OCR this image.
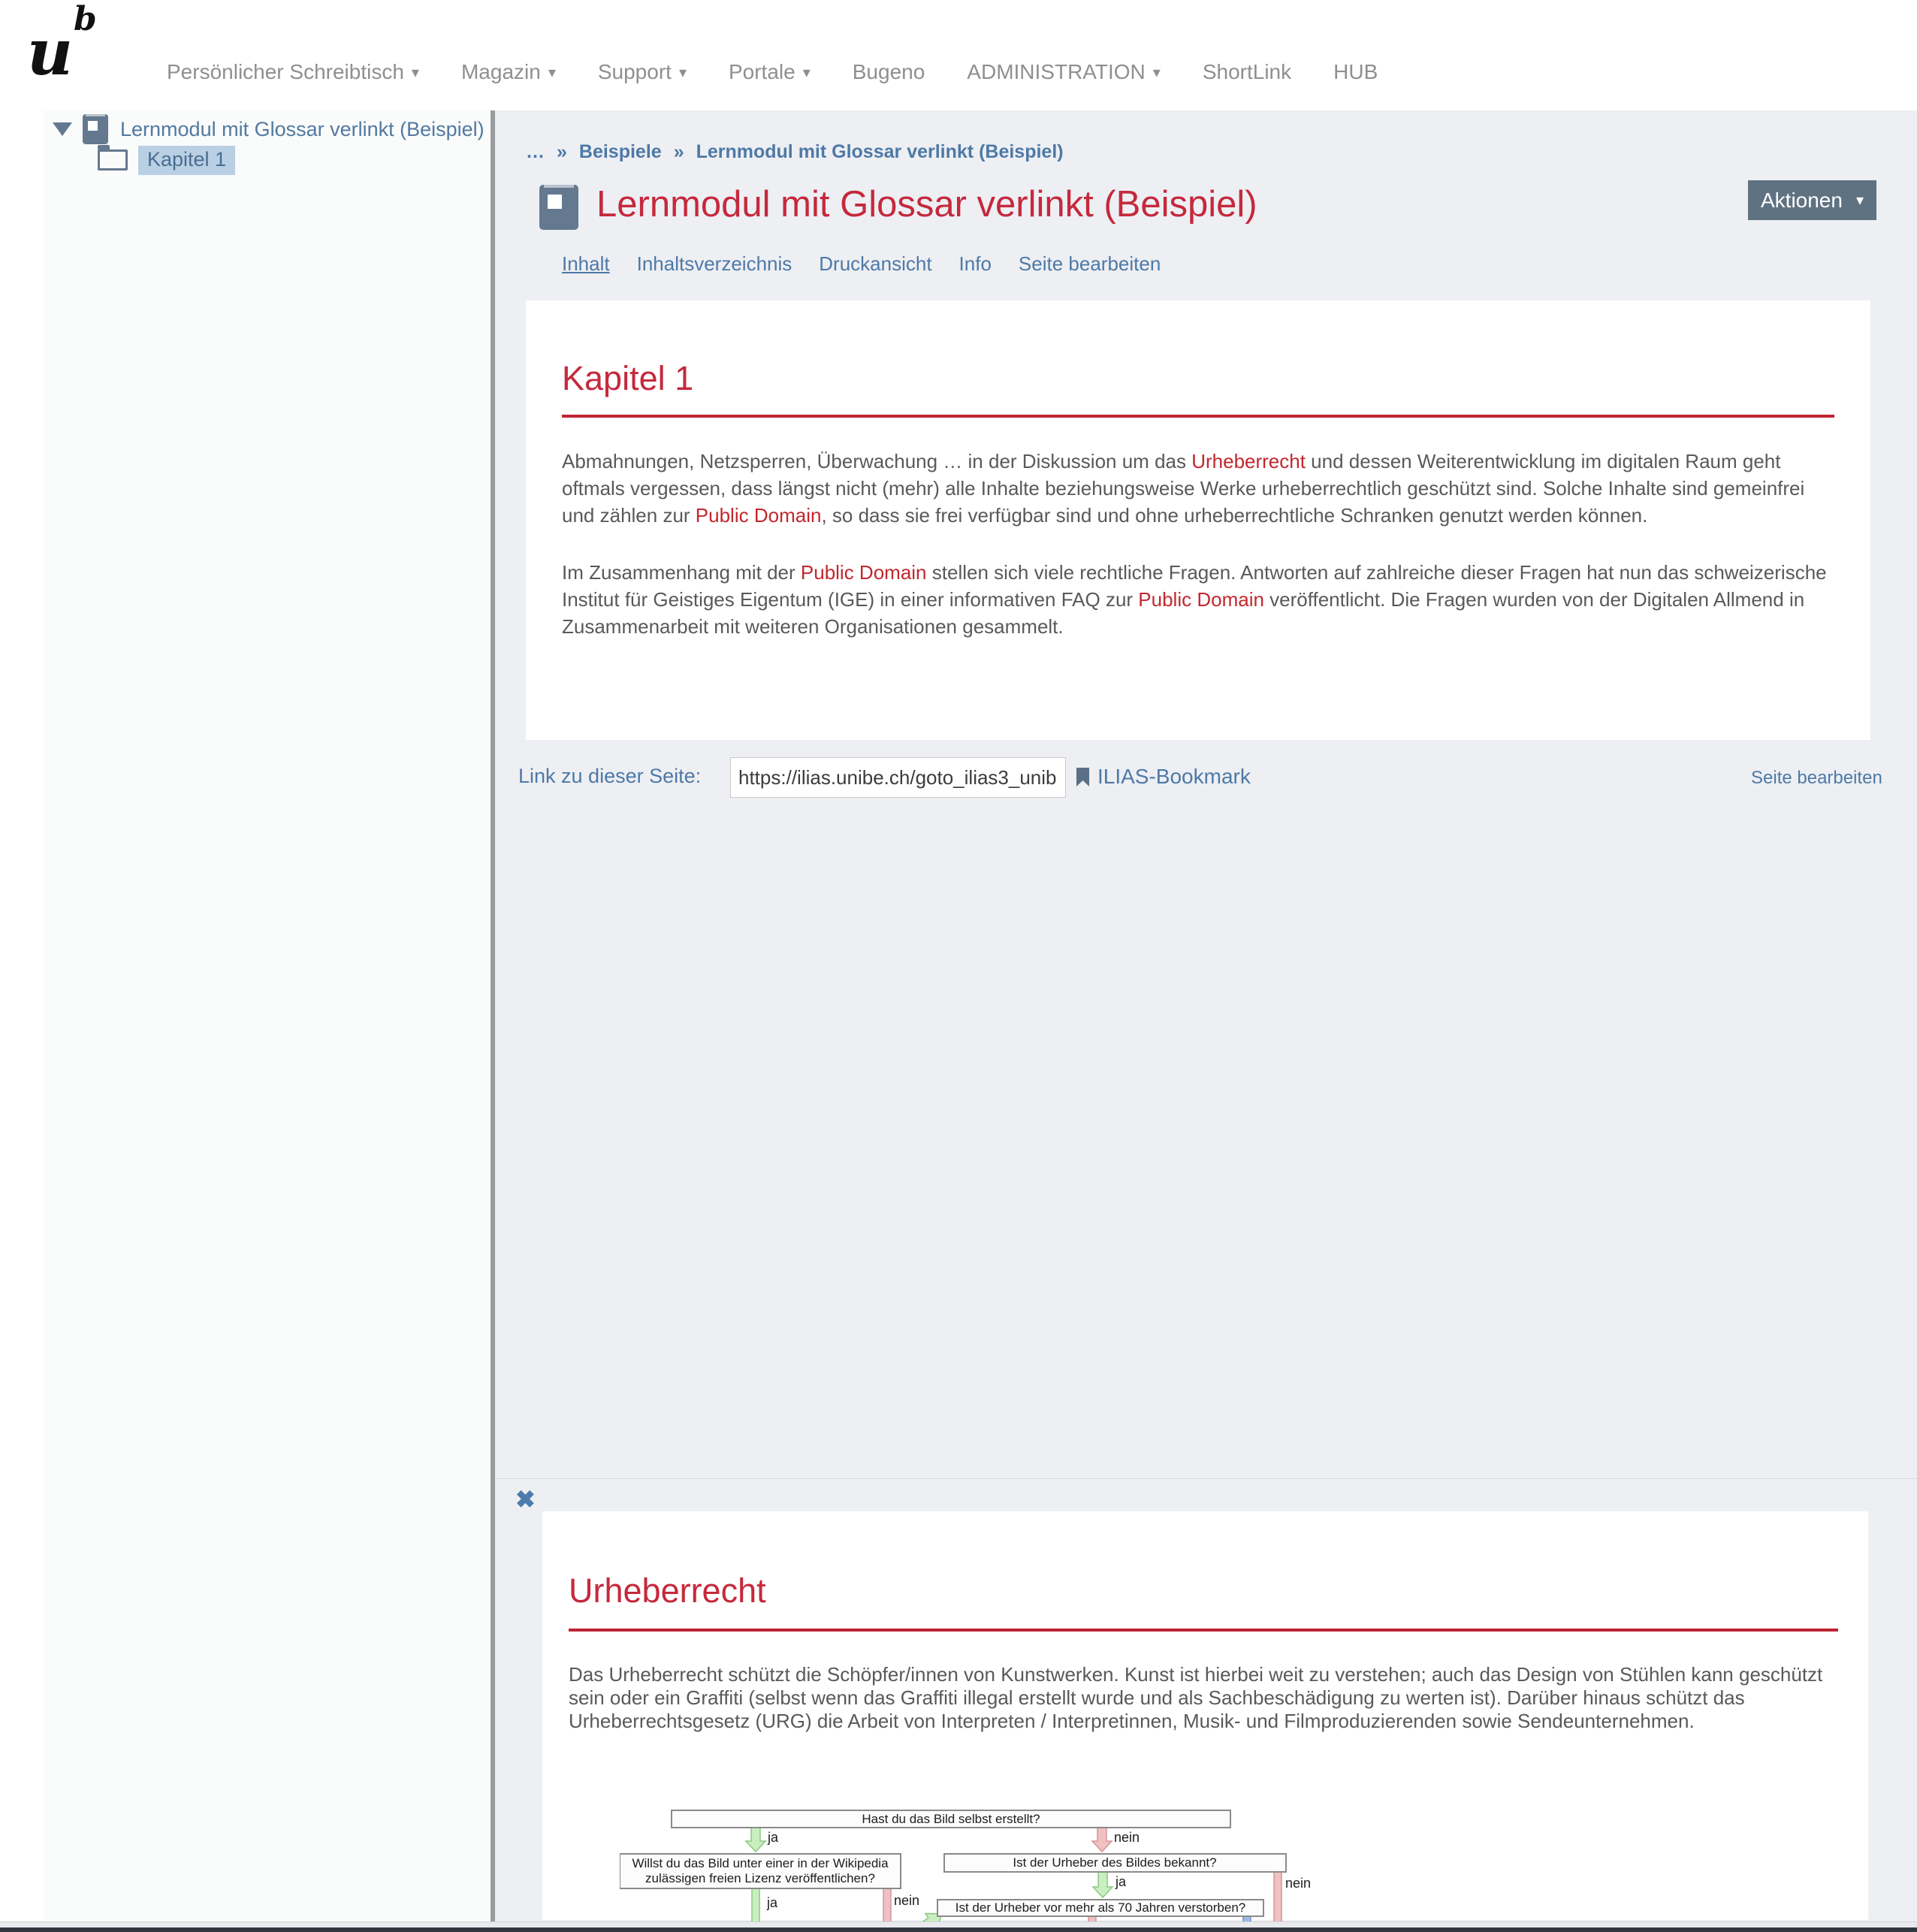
u b
Persönlicher Schreibtisch ▾ Magazin ▾ Support ▾ Portale ▾ Bugeno ADMINISTRATION ▾ ShortLink HUB
Lernmodul mit Glossar verlinkt (Beispiel)
Kapitel 1	… » Beispiele » Lernmodul mit Glossar verlinkt (Beispiel)
Lernmodul mit Glossar verlinkt (Beispiel)	Aktionen ▾
Inhalt Inhaltsverzeichnis Druckansicht Info Seite bearbeiten
Kapitel 1
Abmahnungen, Netzsperren, Überwachung … in der Diskussion um das Urheberrecht und dessen Weiterentwicklung im digitalen Raum geht oftmals vergessen, dass längst nicht (mehr) alle Inhalte beziehungsweise Werke urheberrechtlich geschützt sind. Solche Inhalte sind gemeinfrei und zählen zur Public Domain, so dass sie frei verfügbar sind und ohne urheberrechtliche Schranken genutzt werden können.
Im Zusammenhang mit der Public Domain stellen sich viele rechtliche Fragen. Antworten auf zahlreiche dieser Fragen hat nun das schweizerische Institut für Geistiges Eigentum (IGE) in einer informativen FAQ zur Public Domain veröffentlicht. Die Fragen wurden von der Digitalen Allmend in Zusammenarbeit mit weiteren Organisationen gesammelt.
Link zu dieser Seite:
https://ilias.unibe.ch/goto_ilias3_unib	ILIAS-Bookmark	Seite bearbeiten
✖
Urheberrecht
Das Urheberrecht schützt die Schöpfer/innen von Kunstwerken. Kunst ist hierbei weit zu verstehen; auch das Design von Stühlen kann geschützt sein oder ein Graffiti (selbst wenn das Graffiti illegal erstellt wurde und als Sachbeschädigung zu werten ist). Darüber hinaus schützt das Urheberrechtsgesetz (URG) die Arbeit von Interpreten / Interpretinnen, Musik- und Filmproduzierenden sowie Sendeunternehmen.
ja	nein
Hast du das Bild selbst erstellt?
ja	nein
Willst du das Bild unter einer in der Wikipedia
zulässigen freien Lizenz veröffentlichen?	ja	nein
Ist der Urheber des Bildes bekannt?
Ist der Urheber vor mehr als 70 Jahren verstorben?
